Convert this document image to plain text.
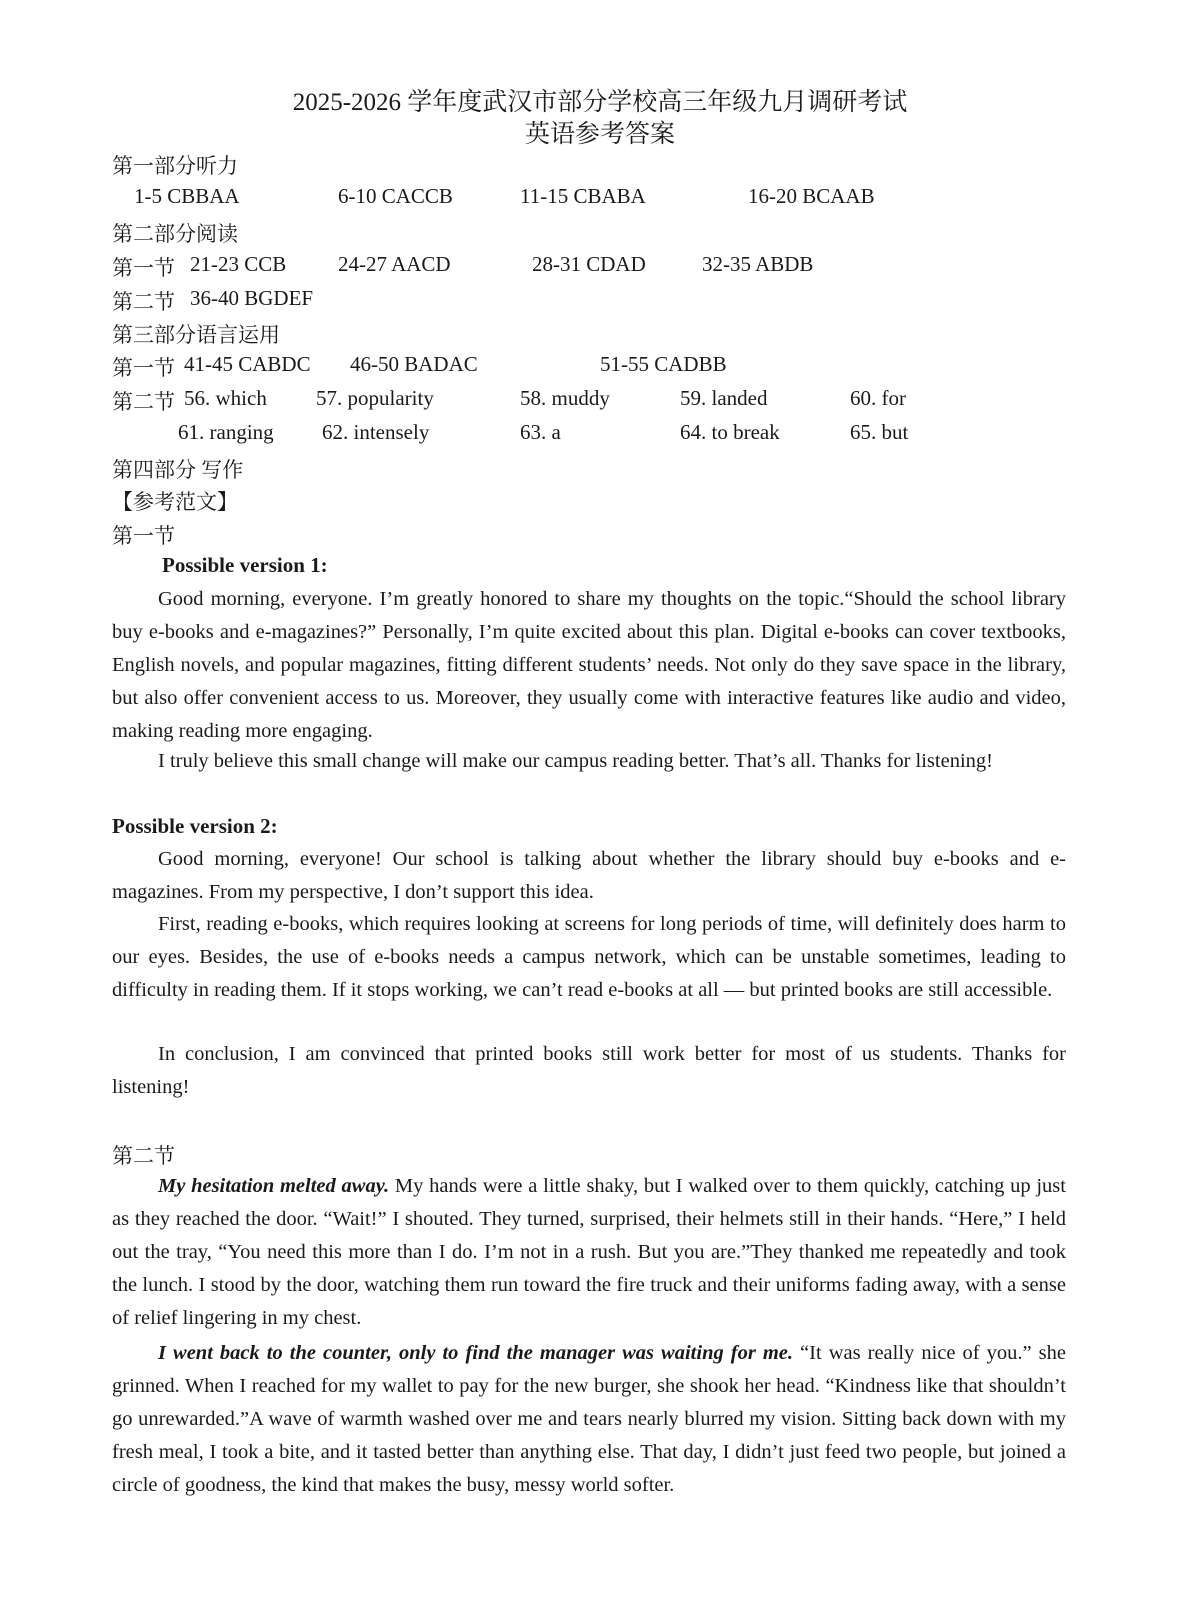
2025-2026 学年度武汉市部分学校高三年级九月调研考试
英语参考答案
第一部分听力
1-5 CBBAA	6-10 CACCB	11-15 CBABA	16-20 BCAAB
第二部分阅读
第一节 21-23 CCB 24-27 AACD	28-31 CDAD	32-35 ABDB
第二节 36-40 BGDEF
第三部分语言运用
第一节 41-45 CABDC 46-50 BADAC	51-55 CADBB
第二节 56. which 57. popularity	58. muddy	59. landed	60. for
61. ranging 62. intensely	63. a	64. to break	65. but
第四部分 写作
【参考范文】
第一节
Possible version 1:

Good morning, everyone. I’m greatly honored to share my thoughts on the topic.“Should the school library buy e-books and e-magazines?” Personally, I’m quite excited about this plan. Digital e-books can cover textbooks, English novels, and popular magazines, fitting different students’ needs. Not only do they save space in the library, but also offer convenient access to us. Moreover, they usually come with interactive features like audio and video, making reading more engaging.

I truly believe this small change will make our campus reading better. That’s all. Thanks for listening!

Possible version 2:

Good morning, everyone! Our school is talking about whether the library should buy e-books and e-magazines. From my perspective, I don’t support this idea.

First, reading e-books, which requires looking at screens for long periods of time, will definitely does harm to our eyes. Besides, the use of e-books needs a campus network, which can be unstable sometimes, leading to difficulty in reading them. If it stops working, we can’t read e-books at all — but printed books are still accessible.

In conclusion, I am convinced that printed books still work better for most of us students. Thanks for listening!

第二节

My hesitation melted away. My hands were a little shaky, but I walked over to them quickly, catching up just as they reached the door. “Wait!” I shouted. They turned, surprised, their helmets still in their hands. “Here,” I held out the tray, “You need this more than I do. I’m not in a rush. But you are.”They thanked me repeatedly and took the lunch. I stood by the door, watching them run toward the fire truck and their uniforms fading away, with a sense of relief lingering in my chest.

I went back to the counter, only to find the manager was waiting for me. “It was really nice of you.” she grinned. When I reached for my wallet to pay for the new burger, she shook her head. “Kindness like that shouldn’t go unrewarded.”A wave of warmth washed over me and tears nearly blurred my vision. Sitting back down with my fresh meal, I took a bite, and it tasted better than anything else. That day, I didn’t just feed two people, but joined a circle of goodness, the kind that makes the busy, messy world softer.
